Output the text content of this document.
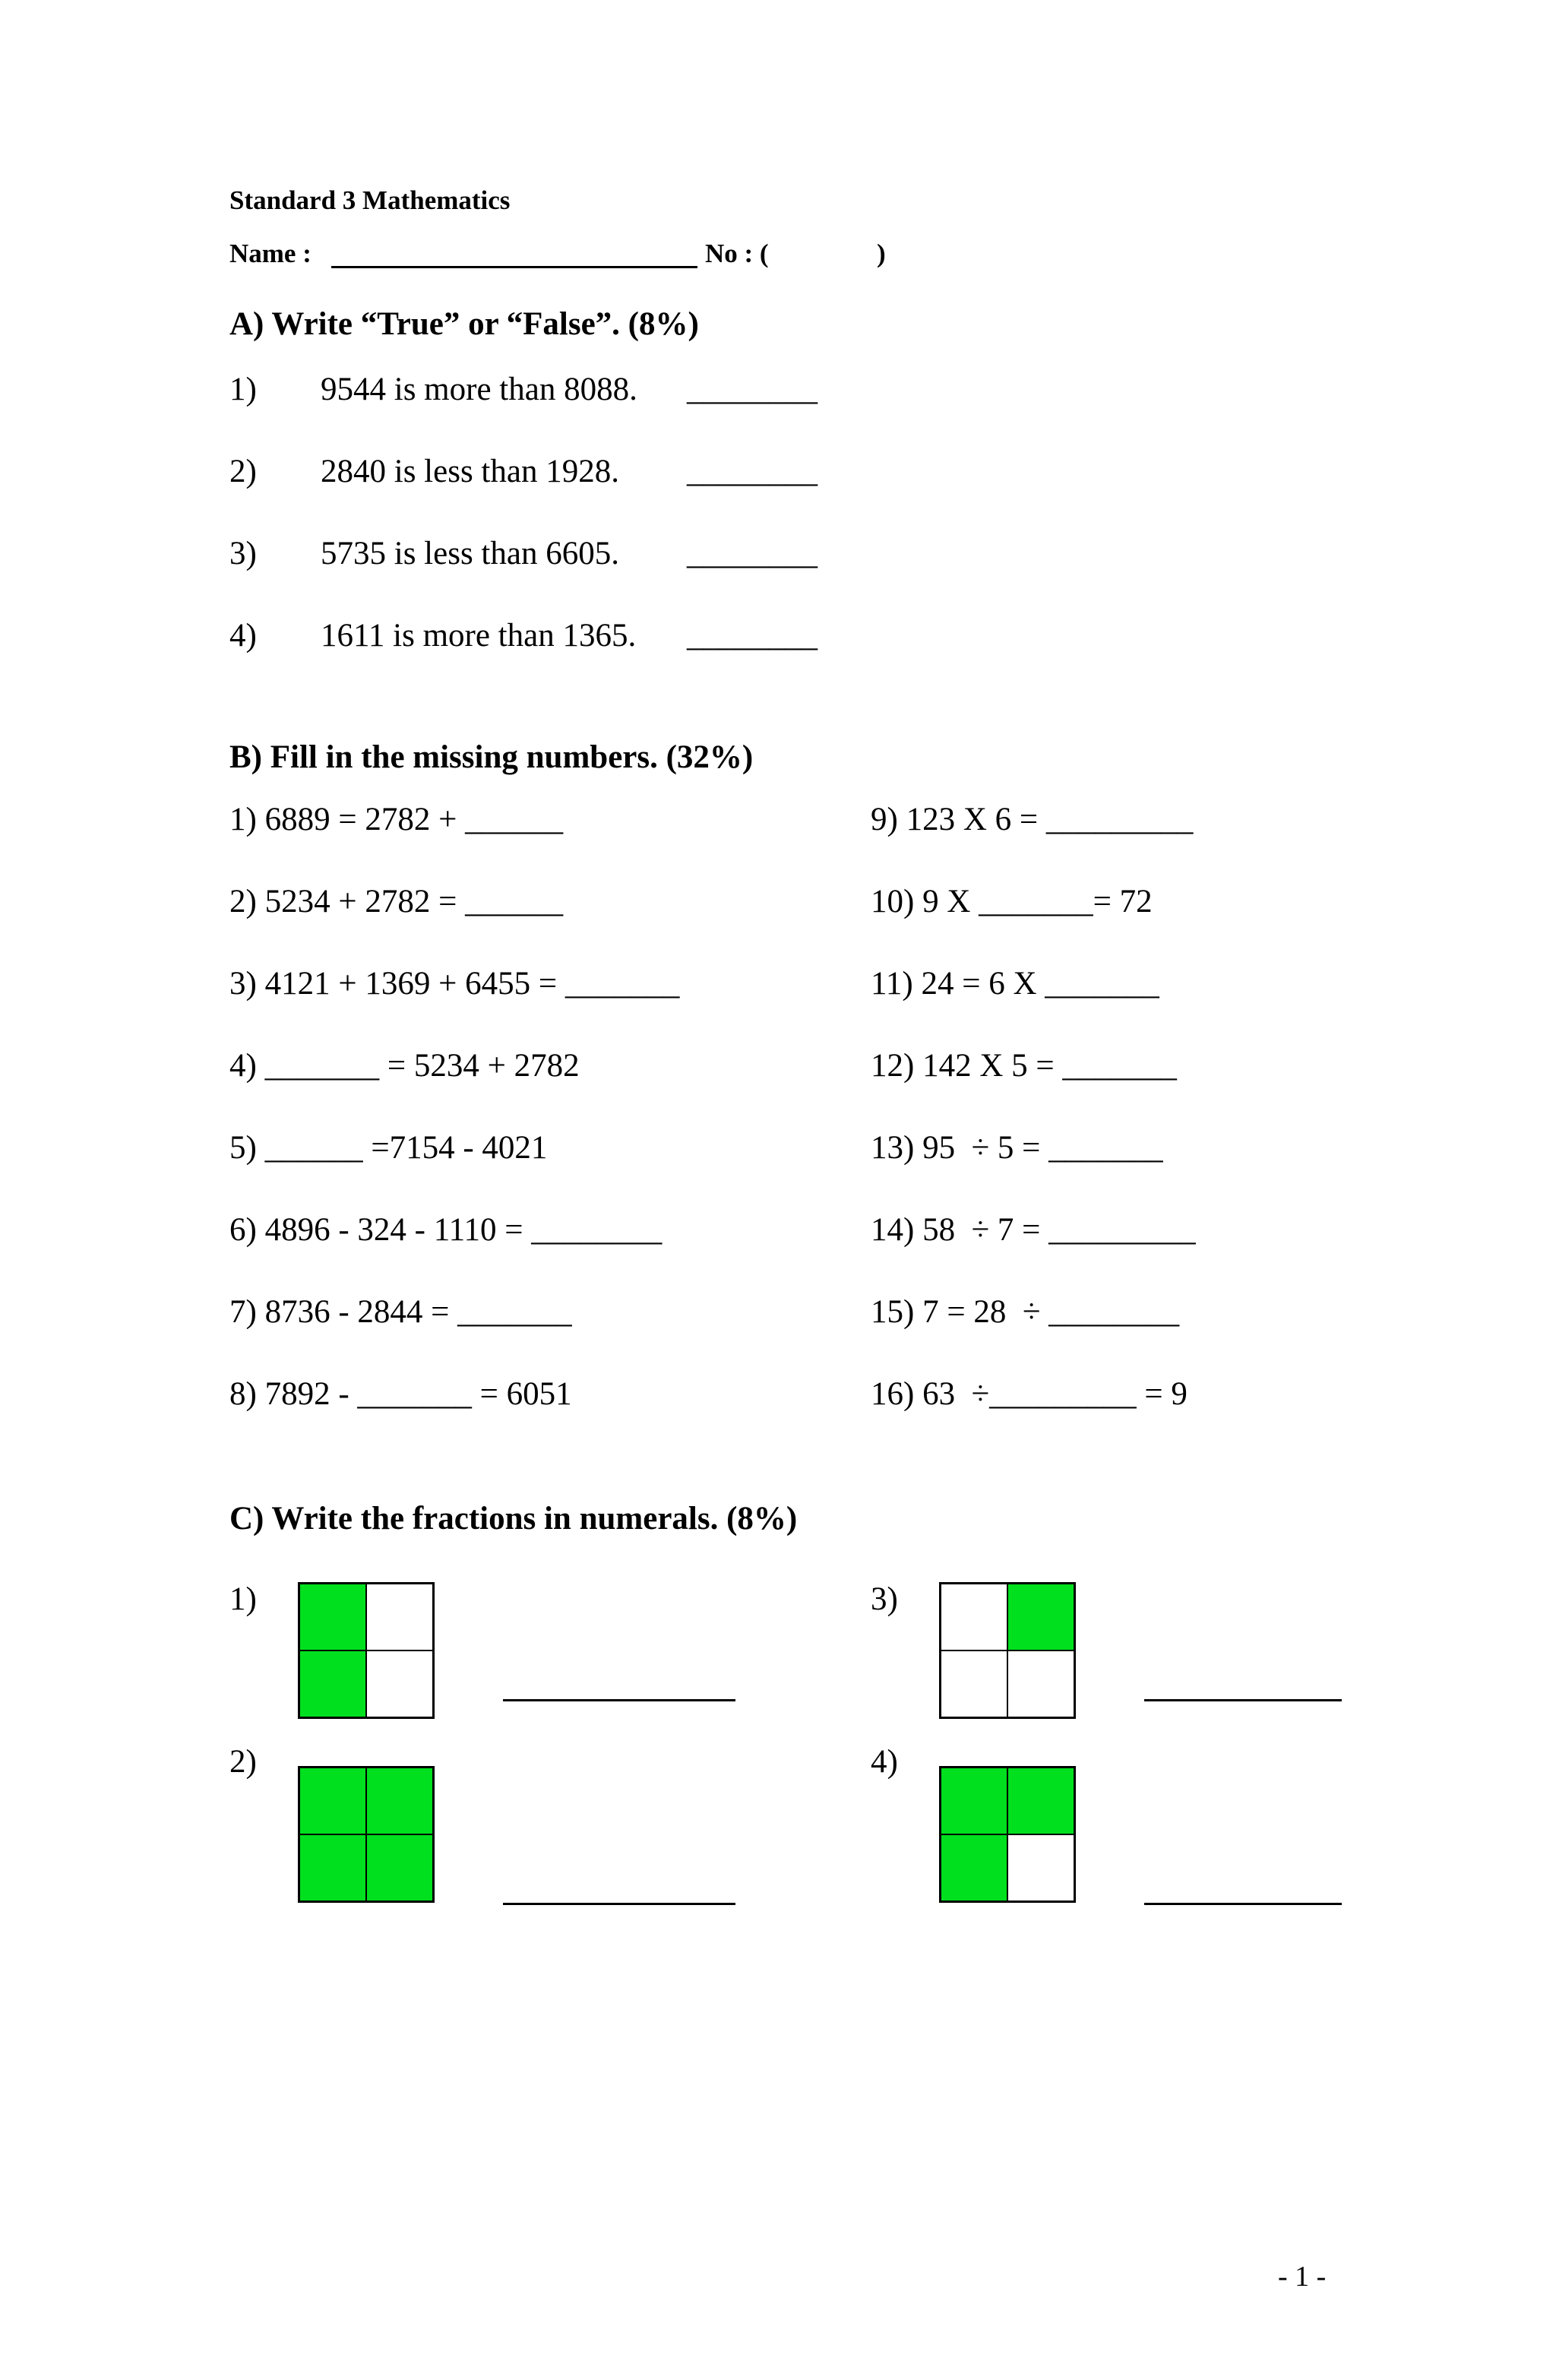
Standard 3 Mathematics
Name :	No : (	)
A) Write “True” or “False”. (8%)
1) 9544 is more than 8088. ________
2) 2840 is less than 1928. ________
3) 5735 is less than 6605. ________
4) 1611 is more than 1365. ________
B) Fill in the missing numbers. (32%)
1) 6889 = 2782 + ______
2) 5234 + 2782 = ______
3) 4121 + 1369 + 6455 = _______
4) _______ = 5234 + 2782
5) ______ =7154 - 4021
6) 4896 - 324 - 1110 = ________
7) 8736 - 2844 = _______
8) 7892 - _______ = 6051
9) 123 X 6 = _________
10) 9 X _______= 72
11) 24 = 6 X _______
12) 142 X 5 = _______
13) 95  ÷ 5 = _______
14) 58  ÷ 7 = _________
15) 7 = 28  ÷ ________
16) 63  ÷_________ = 9
C) Write the fractions in numerals. (8%)
1)	3)
2)	4)
- 1 -
